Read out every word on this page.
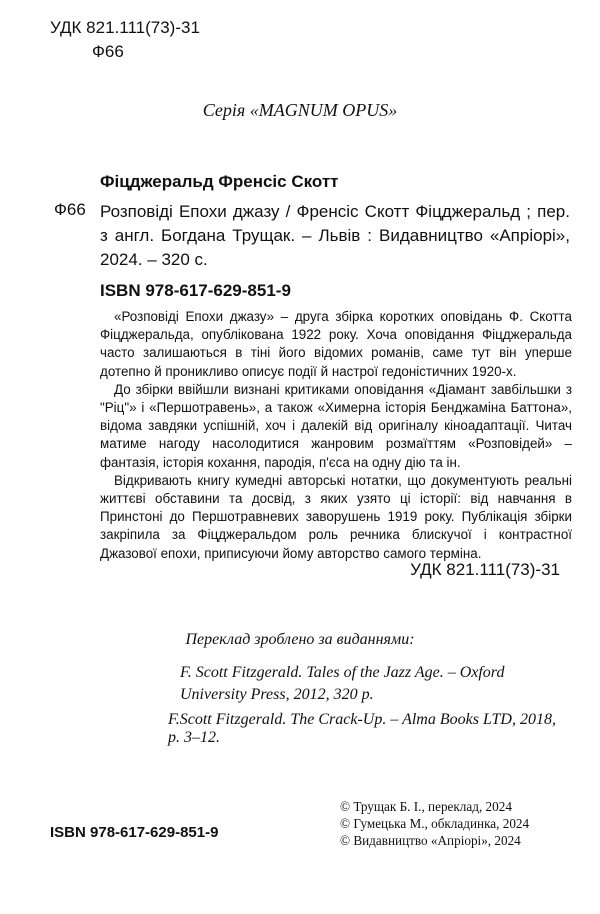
УДК 821.111(73)-31
Ф66
Серія «MAGNUM OPUS»
Фіцджеральд Френсіс Скотт
Ф66 Розповіді Епохи джазу / Френсіс Скотт Фіцджеральд ; пер. з англ. Богдана Трущак. – Львів : Видавництво «Апріорі», 2024. – 320 с.
ISBN 978-617-629-851-9

«Розповіді Епохи джазу» – друга збірка коротких оповідань Ф. Скотта Фіцджеральда, опублікована 1922 року. Хоча оповідання Фіцджеральда часто залишаються в тіні його відомих романів, саме тут він уперше дотепно й проникливо описує події й настрої гедоністичних 1920-х.

До збірки ввійшли визнані критиками оповідання «Діамант завбільшки з "Ріц"» і «Першотравень», а також «Химерна історія Бенджаміна Баттона», відома завдяки успішній, хоч і далекій від оригіналу кіноадаптації. Читач матиме нагоду насолодитися жанровим розмаїттям «Розповідей» – фантазія, історія кохання, пародія, п'єса на одну дію та ін.

Відкривають книгу кумедні авторські нотатки, що документують реальні життєві обставини та досвід, з яких узято ці історії: від навчання в Принстоні до Першотравневих заворушень 1919 року. Публікація збірки закріпила за Фіцджеральдом роль речника блискучої і контрастної Джазової епохи, приписуючи йому авторство самого терміна.

УДК 821.111(73)-31
Переклад зроблено за виданнями:
F. Scott Fitzgerald. Tales of the Jazz Age. – Oxford University Press, 2012, 320 p.
F.Scott Fitzgerald. The Crack-Up. – Alma Books LTD, 2018, p. 3–12.
ISBN 978-617-629-851-9
© Трущак Б. І., переклад, 2024
© Гумецька М., обкладинка, 2024
© Видавництво «Апріорі», 2024
